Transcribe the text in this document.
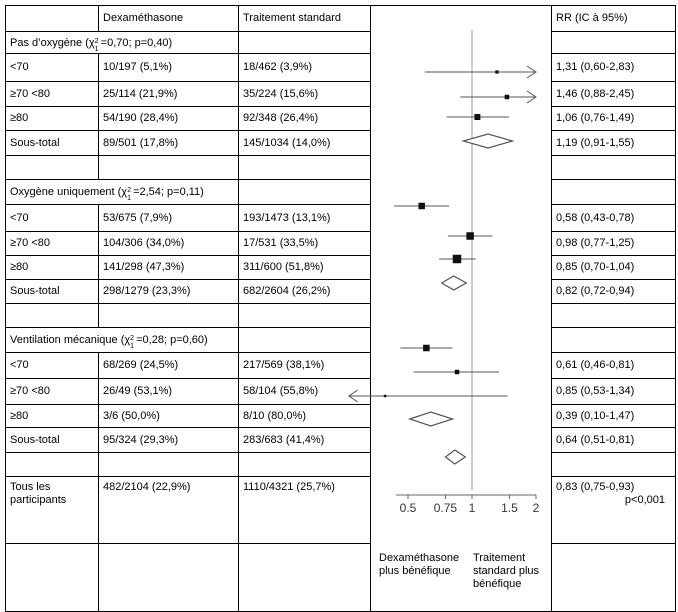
	Dexaméthasone	Traitement standard		RR (IC à 95%)
Pas d’oxygène (χ 2
1
=0,70; p=0,40)				
<70	10/197 (5,1%)	18/462 (3,9%)		1,31 (0,60-2,83)
≥70 <80	25/114 (21,9%)	35/224 (15,6%)		1,46 (0,88-2,45)
≥80	54/190 (28,4%)	92/348 (26,4%)		1,06 (0,76-1,49)
Sous-total	89/501 (17,8%)	145/1034 (14,0%)		1,19 (0,91-1,55)

Oxygène uniquement (χ 2
1
=2,54; p=0,11)				
<70	53/675 (7,9%)	193/1473 (13,1%)		0,58 (0,43-0,78)
≥70 <80	104/306 (34,0%)	17/531 (33,5%)		0,98 (0,77-1,25)
≥80	141/298 (47,3%)	311/600 (51,8%)		0,85 (0,70-1,04)
Sous-total	298/1279 (23,3%)	682/2604 (26,2%)		0,82 (0,72-0,94)

Ventilation mécanique (χ 2
1
=0,28; p=0,60)				
<70	68/269 (24,5%)	217/569 (38,1%)		0,61 (0,46-0,81)
≥70 <80	26/49 (53,1%)	58/104 (55,8%)		0,85 (0,53-1,34)
≥80	3/6 (50,0%)	8/10 (80,0%)		0,39 (0,10-1,47)
Sous-total	95/324 (29,3%)	283/683 (41,4%)		0,64 (0,51-0,81)

Tous les participants	482/2104 (22,9%)	1110/4321 (25,7%)		0,83 (0,75-0,93)
p<0,001

			Dexaméthasone plus bénéfique
Traitement standard plus bénéfique	

0.5 0.75 1 1.5 2
